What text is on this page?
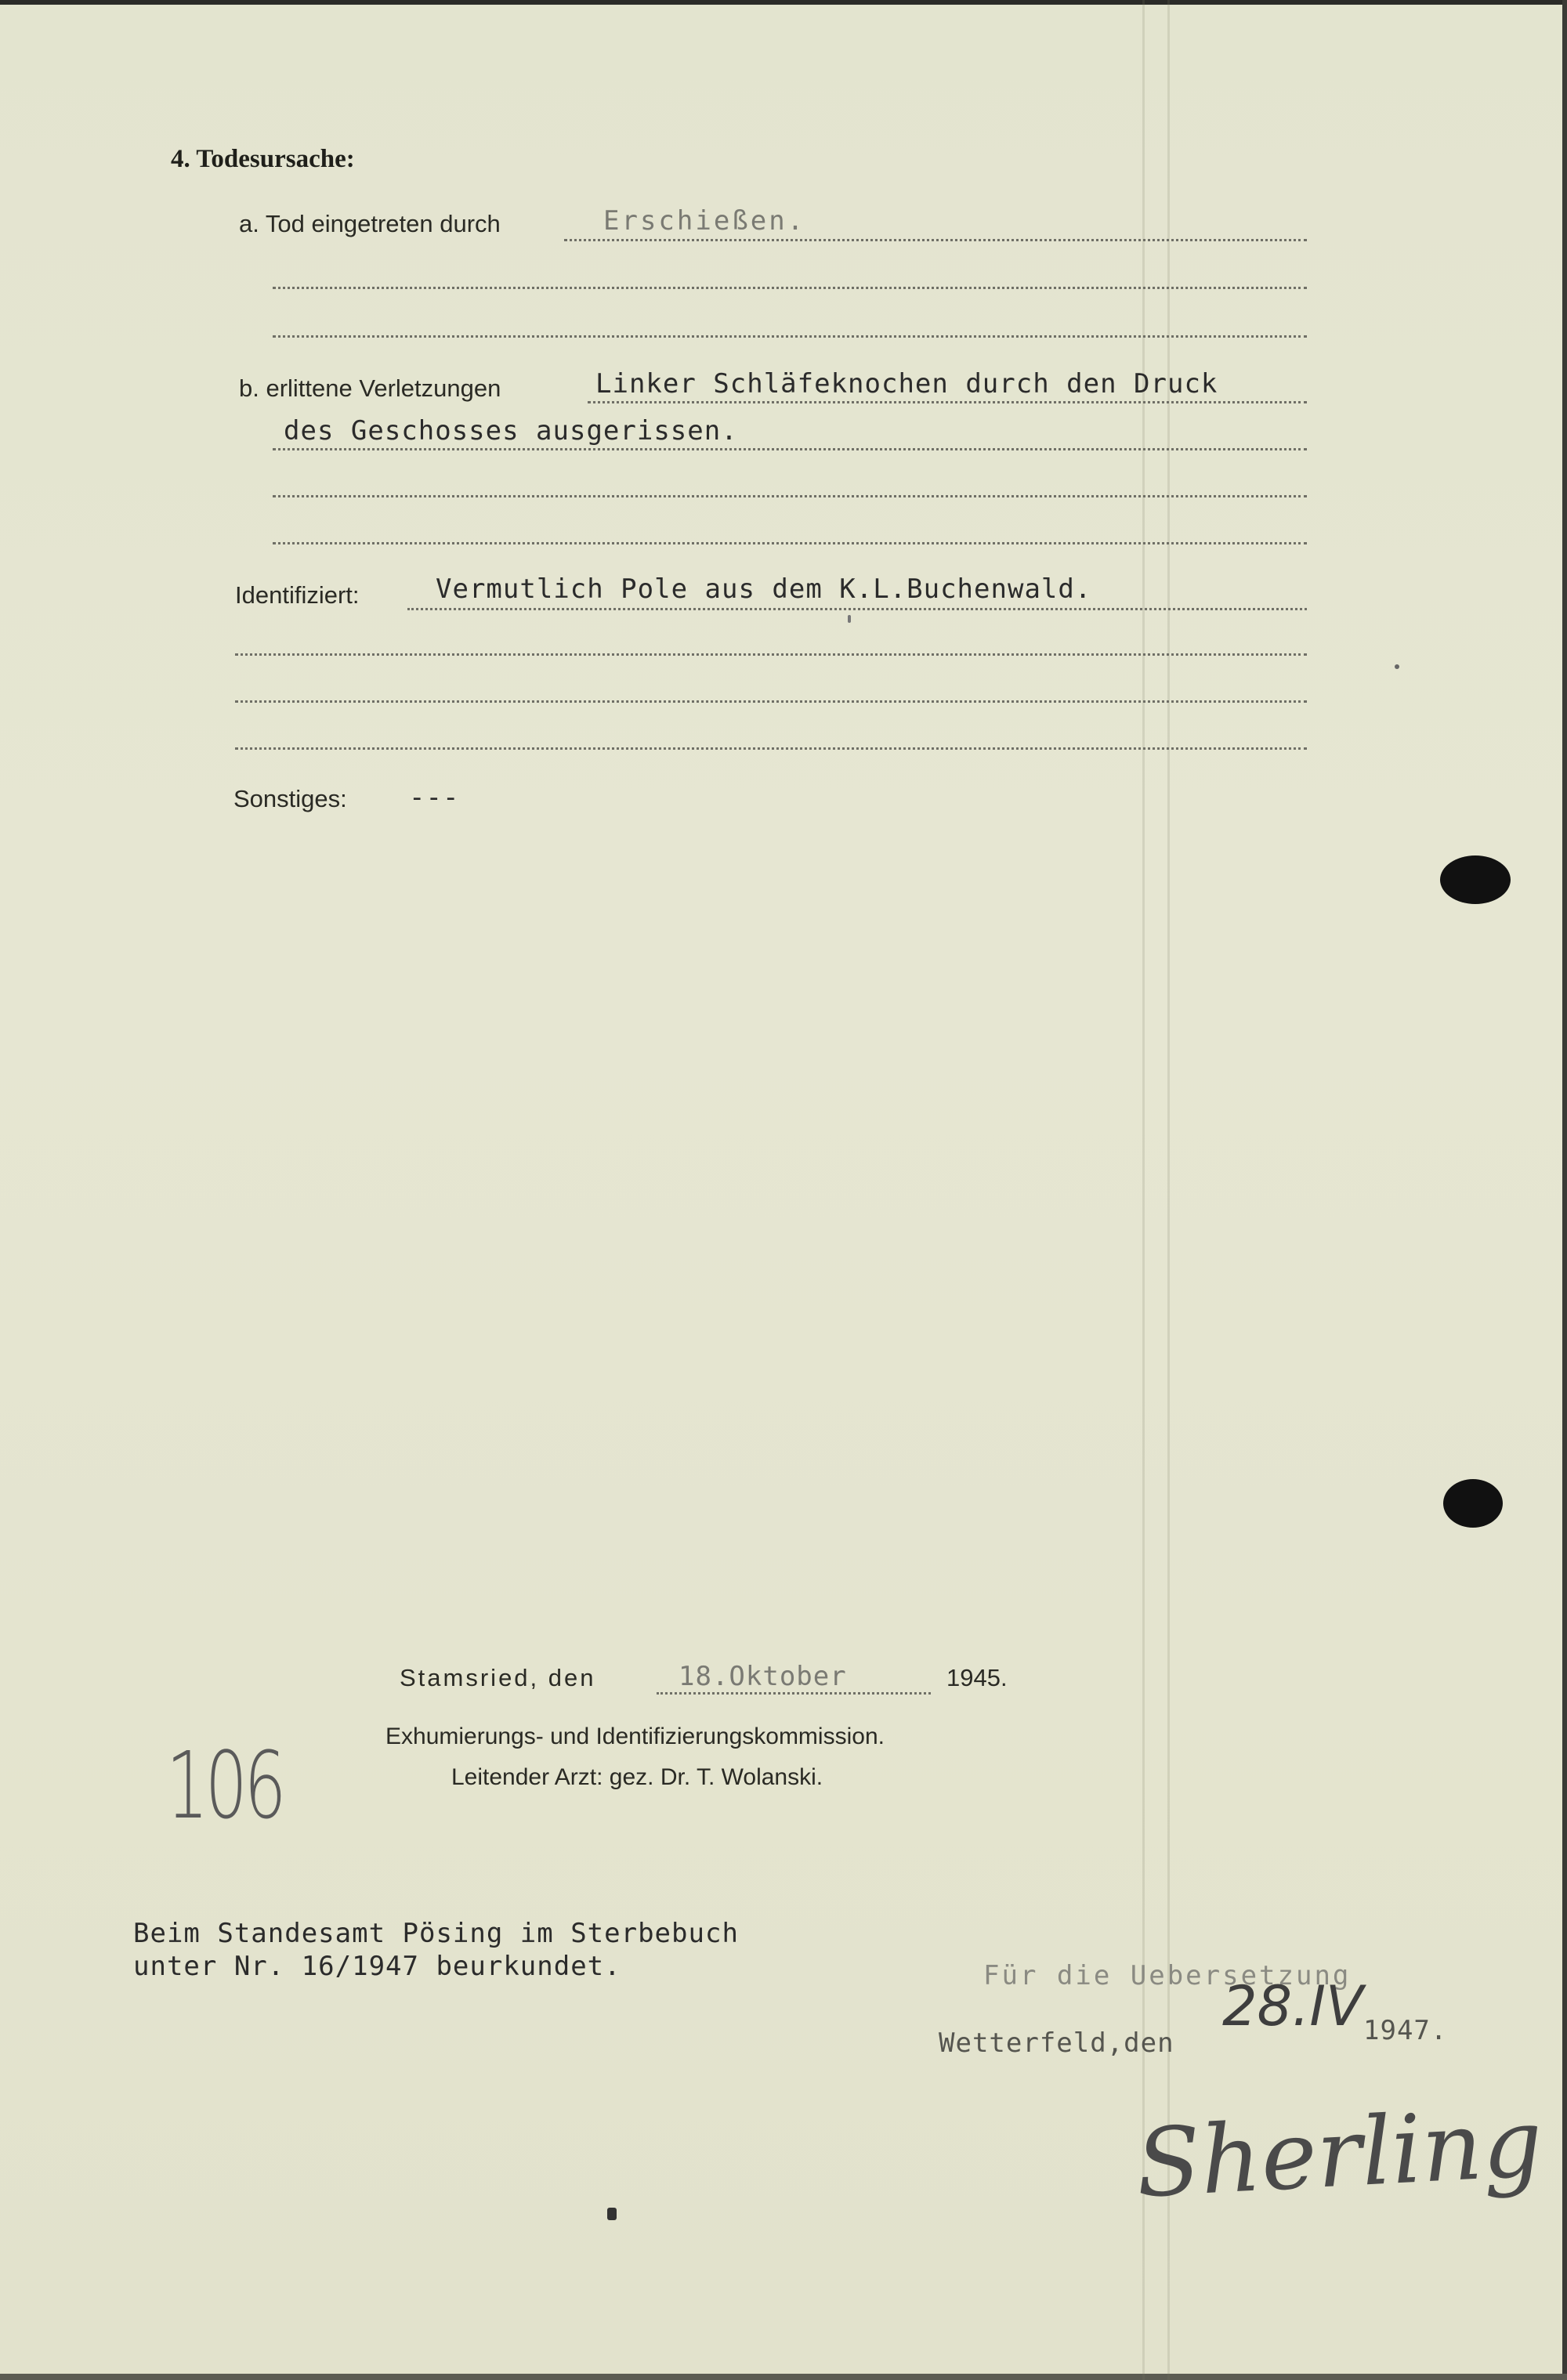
4. Todesursache:
a. Tod eingetreten durch	Erschießen.
b. erlittene Verletzungen	Linker Schläfeknochen durch den Druck
des Geschosses ausgerissen.
Identifiziert:	Vermutlich Pole aus dem K.L.Buchenwald.
Sonstiges: ---
Stamsried, den	18.Oktober	1945.
Exhumierungs- und Identifizierungskommission.
Leitender Arzt: gez. Dr. T. Wolanski.
106
Beim Standesamt Pösing im Sterbebuch
unter Nr. 16/1947 beurkundet.	Für die Uebersetzung
Wetterfeld,den
28.IV 1947.
Sherling
